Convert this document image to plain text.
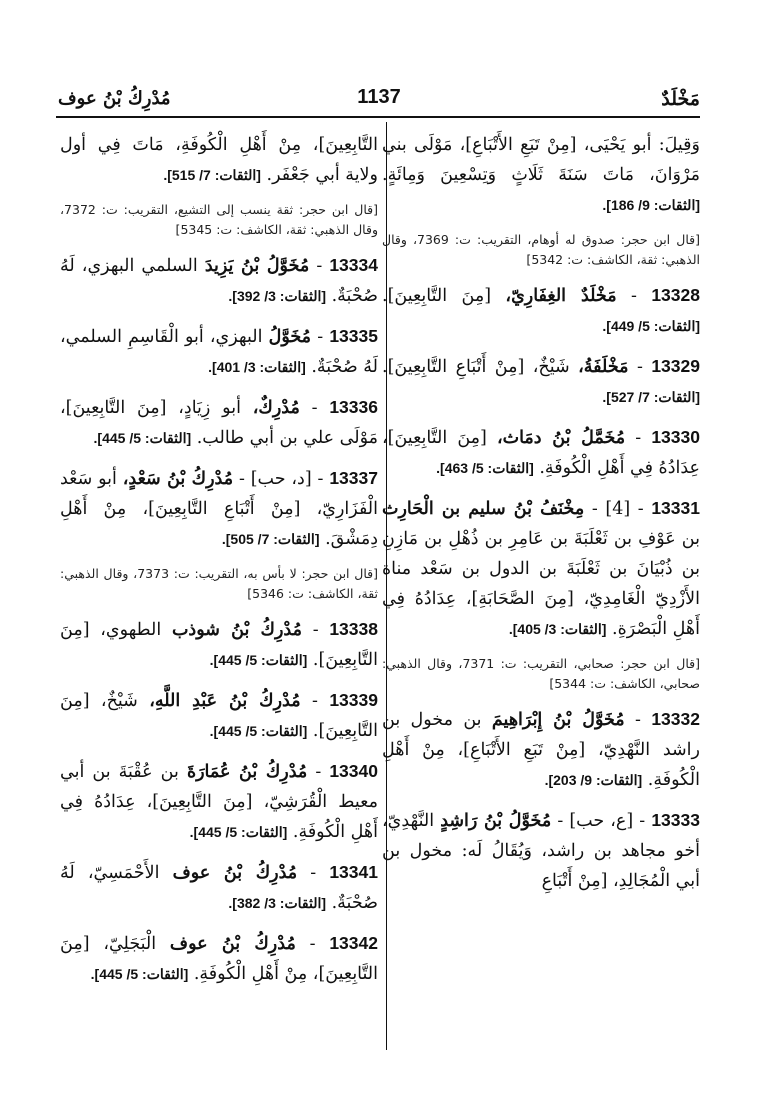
مَخْلَدٌ
1137
مُدْرِكُ بْنُ عوف

وَقِيلَ: أبو يَحْيَى، [مِنْ تَبَعِ الأَتْبَاعِ]، مَوْلَى بني مَرْوَانَ، مَاتَ سَنَةَ ثَلَاثٍ وَتِسْعِينَ وَمِائَةٍ. [الثقات: 9/ 186].

[قال ابن حجر: صدوق له أوهام، التقريب: ت: 7369، وقال الذهبي: ثقة، الكاشف: ت: 5342]

13328 - مَخْلَدٌ الغِفَارِيّ، [مِنَ التَّابِعِينَ]. [الثقات: 5/ 449].

13329 - مَخْلَفَةُ، شَيْخٌ، [مِنْ أَتْبَاعِ التَّابِعِينَ]. [الثقات: 7/ 527].

13330 - مُخَمَّلُ بْنُ دمَاث، [مِنَ التَّابِعِينَ]، عِدَادُهُ فِي أَهْلِ الْكُوفَةِ. [الثقات: 5/ 463].

13331 - [4] - مِخْنَفُ بْنُ سليم بن الْحَارِث بن عَوْفِ بن ثَعْلَبَةَ بن عَامِرِ بن ذُهْلِ بن مَازِنِ بن ذُبْيَانَ بن ثَعْلَبَةَ بن الدول بن سَعْد مناة الأَزْدِيّ الْغَامِدِيّ، [مِنَ الصَّحَابَةِ]، عِدَادُهُ فِي أَهْلِ الْبَصْرَةِ. [الثقات: 3/ 405].

[قال ابن حجر: صحابي، التقريب: ت: 7371، وقال الذهبي: صحابي، الكاشف: ت: 5344]

13332 - مُخَوَّلُ بْنُ إِبْرَاهِيمَ بن مخول بن راشد النَّهْدِيّ، [مِنْ تَبَعِ الأَتْبَاعِ]، مِنْ أَهْلِ الْكُوفَةِ. [الثقات: 9/ 203].

13333 - [ع، حب] - مُخَوَّلُ بْنُ رَاشِدٍ النَّهْدِيّ، أخو مجاهد بن راشد، وَيُقَالُ لَه: مخول بن أبي الْمُجَالِدِ، [مِنْ أَتْبَاعِ

التَّابِعِينَ]، مِنْ أَهْلِ الْكُوفَةِ، مَاتَ فِي أول ولاية أبي جَعْفَر. [الثقات: 7/ 515].

[قال ابن حجر: ثقة ينسب إلى التشيع، التقريب: ت: 7372، وقال الذهبي: ثقة، الكاشف: ت: 5345]

13334 - مُخَوَّلُ بْنُ يَزِيدَ السلمي البهزي، لَهُ صُحْبَةٌ. [الثقات: 3/ 392].

13335 - مُخَوَّلُ البهزي، أبو الْقَاسِمِ السلمي، لَهُ صُحْبَةٌ. [الثقات: 3/ 401].

13336 - مُدْرِكٌ، أبو زِيَادٍ، [مِنَ التَّابِعِينَ]، مَوْلَى علي بن أبي طالب. [الثقات: 5/ 445].

13337 - [د، حب] - مُدْرِكُ بْنُ سَعْدٍ، أبو سَعْد الْفَزَارِيّ، [مِنْ أَتْبَاعِ التَّابِعِينَ]، مِنْ أَهْلِ دِمَشْقَ. [الثقات: 7/ 505].

[قال ابن حجر: لا بأس به، التقريب: ت: 7373، وقال الذهبي: ثقة، الكاشف: ت: 5346]

13338 - مُدْرِكُ بْنُ شوذب الطهوي، [مِنَ التَّابِعِينَ]. [الثقات: 5/ 445].

13339 - مُدْرِكُ بْنُ عَبْدِ اللَّهِ، شَيْخٌ، [مِنَ التَّابِعِينَ]. [الثقات: 5/ 445].

13340 - مُدْرِكُ بْنُ عُمَارَةَ بن عُقْبَةَ بن أبي معيط الْقُرَشِيّ، [مِنَ التَّابِعِينَ]، عِدَادُهُ فِي أَهْلِ الْكُوفَةِ. [الثقات: 5/ 445].

13341 - مُدْرِكُ بْنُ عوف الأَحْمَسِيّ، لَهُ صُحْبَةٌ. [الثقات: 3/ 382].

13342 - مُدْرِكُ بْنُ عوف الْبَجَلِيّ، [مِنَ التَّابِعِينَ]، مِنْ أَهْلِ الْكُوفَةِ. [الثقات: 5/ 445].
